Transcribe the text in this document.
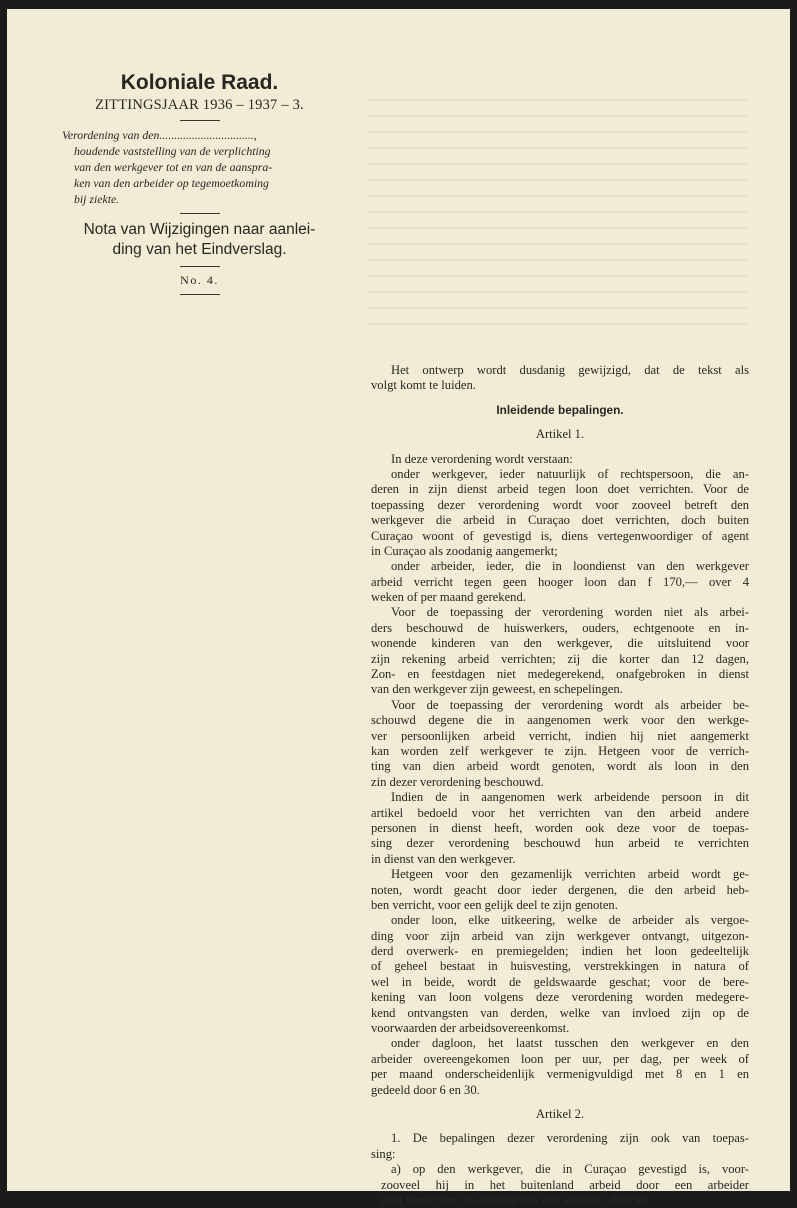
Koloniale Raad.

ZITTINGSJAAR 1936 – 1937 – 3.

Verordening van den................................,
houdende vaststelling van de verplichting
van den werkgever tot en van de aanspra-
ken van den arbeider op tegemoetkoming
bij ziekte.

Nota van Wijzigingen naar aanlei-
ding van het Eindverslag.

No. 4.

Het ontwerp wordt dusdanig gewijzigd, dat de tekst als
volgt komt te luiden.
Inleidende bepalingen.
Artikel 1.
In deze verordening wordt verstaan:
onder werkgever, ieder natuurlijk of rechtspersoon, die an-
deren in zijn dienst arbeid tegen loon doet verrichten. Voor de
toepassing dezer verordening wordt voor zooveel betreft den
werkgever die arbeid in Curaçao doet verrichten, doch buiten
Curaçao woont of gevestigd is, diens vertegenwoordiger of agent
in Curaçao als zoodanig aangemerkt;
onder arbeider, ieder, die in loondienst van den werkgever
arbeid verricht tegen geen hooger loon dan f 170,— over 4
weken of per maand gerekend.
Voor de toepassing der verordening worden niet als arbei-
ders beschouwd de huiswerkers, ouders, echtgenoote en in-
wonende kinderen van den werkgever, die uitsluitend voor
zijn rekening arbeid verrichten; zij die korter dan 12 dagen,
Zon- en feestdagen niet medegerekend, onafgebroken in dienst
van den werkgever zijn geweest, en schepelingen.
Voor de toepassing der verordening wordt als arbeider be-
schouwd degene die in aangenomen werk voor den werkge-
ver persoonlijken arbeid verricht, indien hij niet aangemerkt
kan worden zelf werkgever te zijn. Hetgeen voor de verrich-
ting van dien arbeid wordt genoten, wordt als loon in den
zin dezer verordening beschouwd.
Indien de in aangenomen werk arbeidende persoon in dit
artikel bedoeld voor het verrichten van den arbeid andere
personen in dienst heeft, worden ook deze voor de toepas-
sing dezer verordening beschouwd hun arbeid te verrichten
in dienst van den werkgever.
Hetgeen voor den gezamenlijk verrichten arbeid wordt ge-
noten, wordt geacht door ieder dergenen, die den arbeid heb-
ben verricht, voor een gelijk deel te zijn genoten.
onder loon, elke uitkeering, welke de arbeider als vergoe-
ding voor zijn arbeid van zijn werkgever ontvangt, uitgezon-
derd overwerk- en premiegelden; indien het loon gedeeltelijk
of geheel bestaat in huisvesting, verstrekkingen in natura of
wel in beide, wordt de geldswaarde geschat; voor de bere-
kening van loon volgens deze verordening worden medegere-
kend ontvangsten van derden, welke van invloed zijn op de
voorwaarden der arbeidsovereenkomst.
onder dagloon, het laatst tusschen den werkgever en den
arbeider overeengekomen loon per uur, per dag, per week of
per maand onderscheidenlijk vermenigvuldigd met 8 en 1 en
gedeeld door 6 en 30.
Artikel 2.
1. De bepalingen dezer verordening zijn ook van toepas-
sing:
a) op den werkgever, die in Curaçao gevestigd is, voor-
zooveel hij in het buitenland arbeid door een arbeider
doet verrichten ten aanzien van den arbeider, dien hij
